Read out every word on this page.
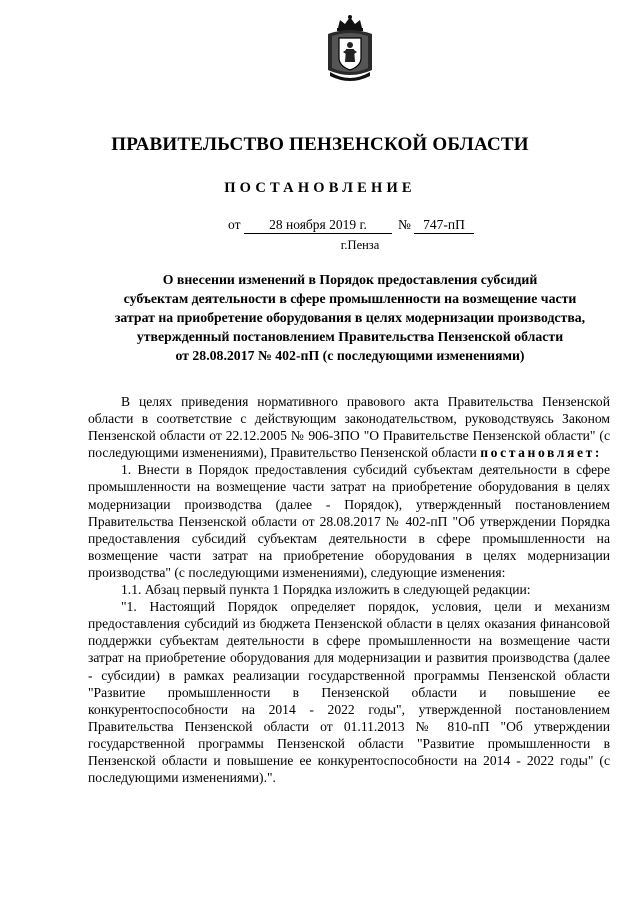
ПРАВИТЕЛЬСТВО ПЕНЗЕНСКОЙ ОБЛАСТИ
ПОСТАНОВЛЕНИЕ
от	28 ноября 2019 г.	№ 747-пП
г.Пенза
О внесении изменений в Порядок предоставления субсидий
субъектам деятельности в сфере промышленности на возмещение части
затрат на приобретение оборудования в целях модернизации производства,
утвержденный постановлением Правительства Пензенской области
от 28.08.2017 № 402-пП (с последующими изменениями)

В целях приведения нормативного правового акта Правительства Пензенской области в соответствие с действующим законодательством, руководствуясь Законом Пензенской области от 22.12.2005 № 906-ЗПО "О Правительстве Пензенской области" (с последующими изменениями), Правительство Пензенской области постановляет:

1. Внести в Порядок предоставления субсидий субъектам деятельности в сфере промышленности на возмещение части затрат на приобретение оборудования в целях модернизации производства (далее - Порядок), утвержденный постановлением Правительства Пензенской области от 28.08.2017 № 402-пП "Об утверждении Порядка предоставления субсидий субъектам деятельности в сфере промышленности на возмещение части затрат на приобретение оборудования в целях модернизации производства" (с последующими изменениями), следующие изменения:

1.1. Абзац первый пункта 1 Порядка изложить в следующей редакции:

"1. Настоящий Порядок определяет порядок, условия, цели и механизм предоставления субсидий из бюджета Пензенской области в целях оказания финансовой поддержки субъектам деятельности в сфере промышленности на возмещение части затрат на приобретение оборудования для модернизации и развития производства (далее - субсидии) в рамках реализации государственной программы Пензенской области "Развитие промышленности в Пензенской области и повышение ее конкурентоспособности на 2014 - 2022 годы", утвержденной постановлением Правительства Пензенской области от 01.11.2013 № 810-пП "Об утверждении государственной программы Пензенской области "Развитие промышленности в Пензенской области и повышение ее конкурентоспособности на 2014 - 2022 годы" (с последующими изменениями).".
